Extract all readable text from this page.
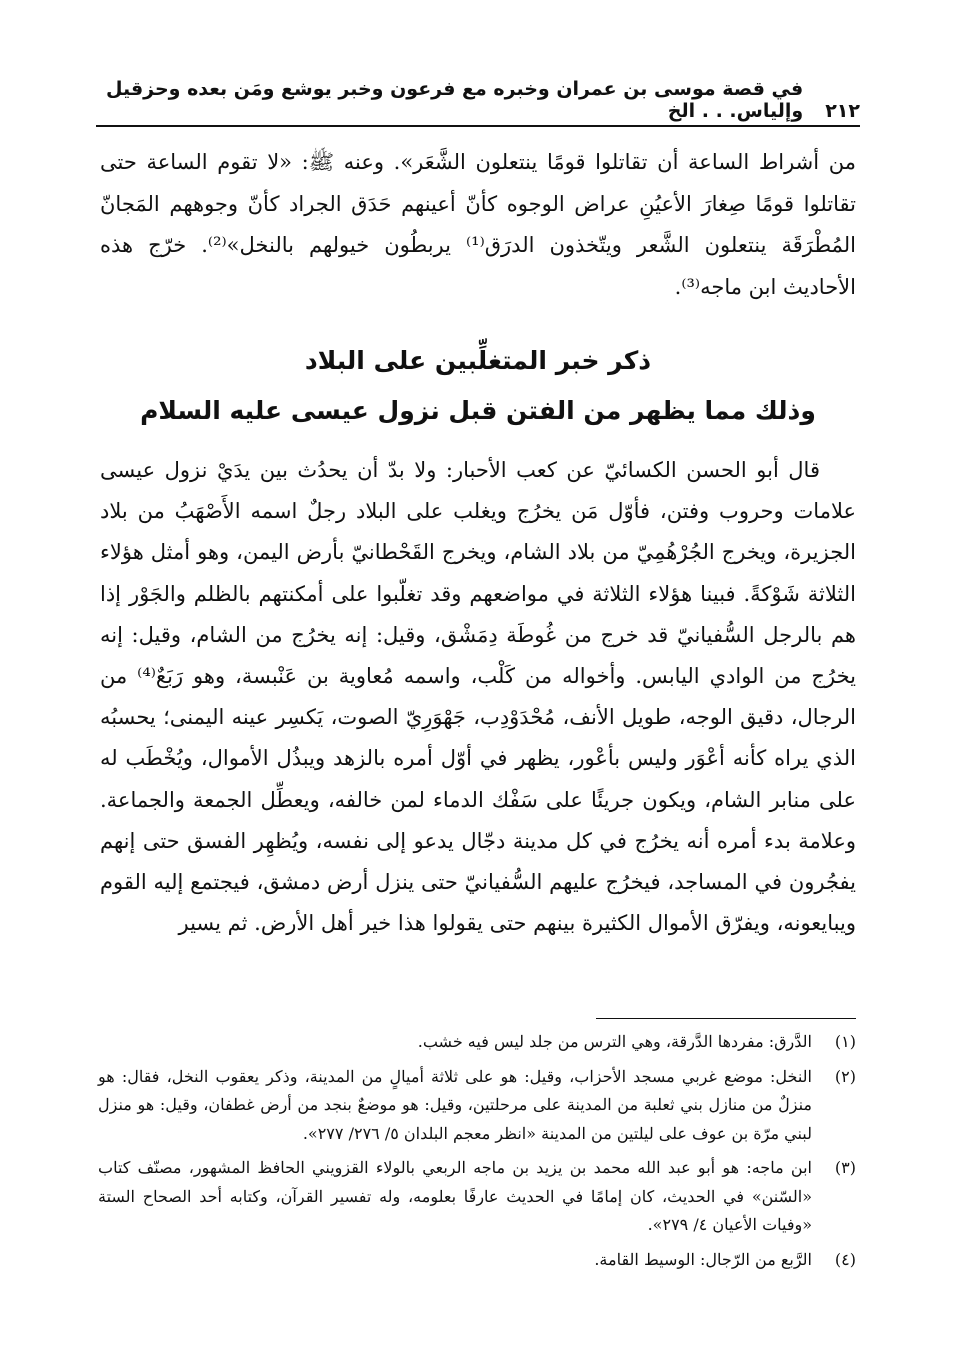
٢١٢
في قصة موسى بن عمران وخبره مع فرعون وخبر يوشع ومَن بعده وحزقيل وإلياس. . . الخ

من أشراط الساعة أن تقاتلوا قومًا ينتعلون الشَّعَر». وعنه ﷺ: «لا تقوم الساعة حتى تقاتلوا قومًا صِغارَ الأعيُنِ عراض الوجوه كأنّ أعينهم حَدَق الجراد كأنّ وجوههم المَجانّ المُطْرَقَة ينتعلون الشَّعر ويتّخذون الدرَق⁽¹⁾ يربطُون خيولهم بالنخل»⁽²⁾. خرّج هذه الأحاديث ابن ماجه⁽³⁾.

ذكر خبر المتغلِّبين على البلاد
وذلك مما يظهر من الفتن قبل نزول عيسى عليه السلام

قال أبو الحسن الكسائيّ عن كعب الأحبار: ولا بدّ أن يحدُث بين يدَيْ نزول عيسى علامات وحروب وفتن، فأوّل مَن يخرُج ويغلب على البلاد رجلٌ اسمه الأَصْهَبُ من بلاد الجزيرة، ويخرج الجُرْهُمِيّ من بلاد الشام، ويخرج القَحْطانيّ بأرض اليمن، وهو أمثل هؤلاء الثلاثة شَوْكةً. فبينا هؤلاء الثلاثة في مواضعهم وقد تغلّبوا على أمكنتهم بالظلم والجَوْر إذا هم بالرجل السُّفيانيّ قد خرج من غُوطَة دِمَشْق، وقيل: إنه يخرُج من الشام، وقيل: إنه يخرُج من الوادي اليابس. وأخواله من كَلْب، واسمه مُعاوية بن عَنْبسة، وهو رَبَعٌ⁽⁴⁾ من الرجال، دقيق الوجه، طويل الأنف، مُحْدَوْدِب، جَهْوَرِيّ الصوت، يَكسِر عينه اليمنى؛ يحسبُه الذي يراه كأنه أعْوَر وليس بأعْور، يظهر في أوّل أمره بالزهد ويبذُل الأموال، ويُخْطَب له على منابر الشام، ويكون جريئًا على سَفْك الدماء لمن خالفه، ويعطِّل الجمعة والجماعة. وعلامة بدء أمره أنه يخرُج في كل مدينة دجّال يدعو إلى نفسه، ويُظهِر الفسق حتى إنهم يفجُرون في المساجد، فيخرُج عليهم السُّفيانيّ حتى ينزل أرض دمشق، فيجتمع إليه القوم ويبايعونه، ويفرّق الأموال الكثيرة بينهم حتى يقولوا هذا خير أهل الأرض. ثم يسير

(١)
الدَّرق: مفردها الدَّرقة، وهي الترس من جلد ليس فيه خشب.
(٢)
النخل: موضع غربي مسجد الأحزاب، وقيل: هو على ثلاثة أميالٍ من المدينة، وذكر يعقوب النخل، فقال: هو منزلٌ من منازل بني ثعلبة من المدينة على مرحلتين، وقيل: هو موضعٌ بنجد من أرض غطفان، وقيل: هو منزل لبني مرّة بن عوف على ليلتين من المدينة «انظر معجم البلدان ٥/ ٢٧٦/ ٢٧٧».
(٣)
ابن ماجه: هو أبو عبد الله محمد بن يزيد بن ماجه الربعي بالولاء القزويني الحافظ المشهور، مصنّف كتاب «السّنن» في الحديث، كان إمامًا في الحديث عارفًا بعلومه، وله تفسير القرآن، وكتابه أحد الصحاح الستة «وفيات الأعيان ٤/ ٢٧٩».
(٤)
الرَّبع من الرّجال: الوسيط القامة.
